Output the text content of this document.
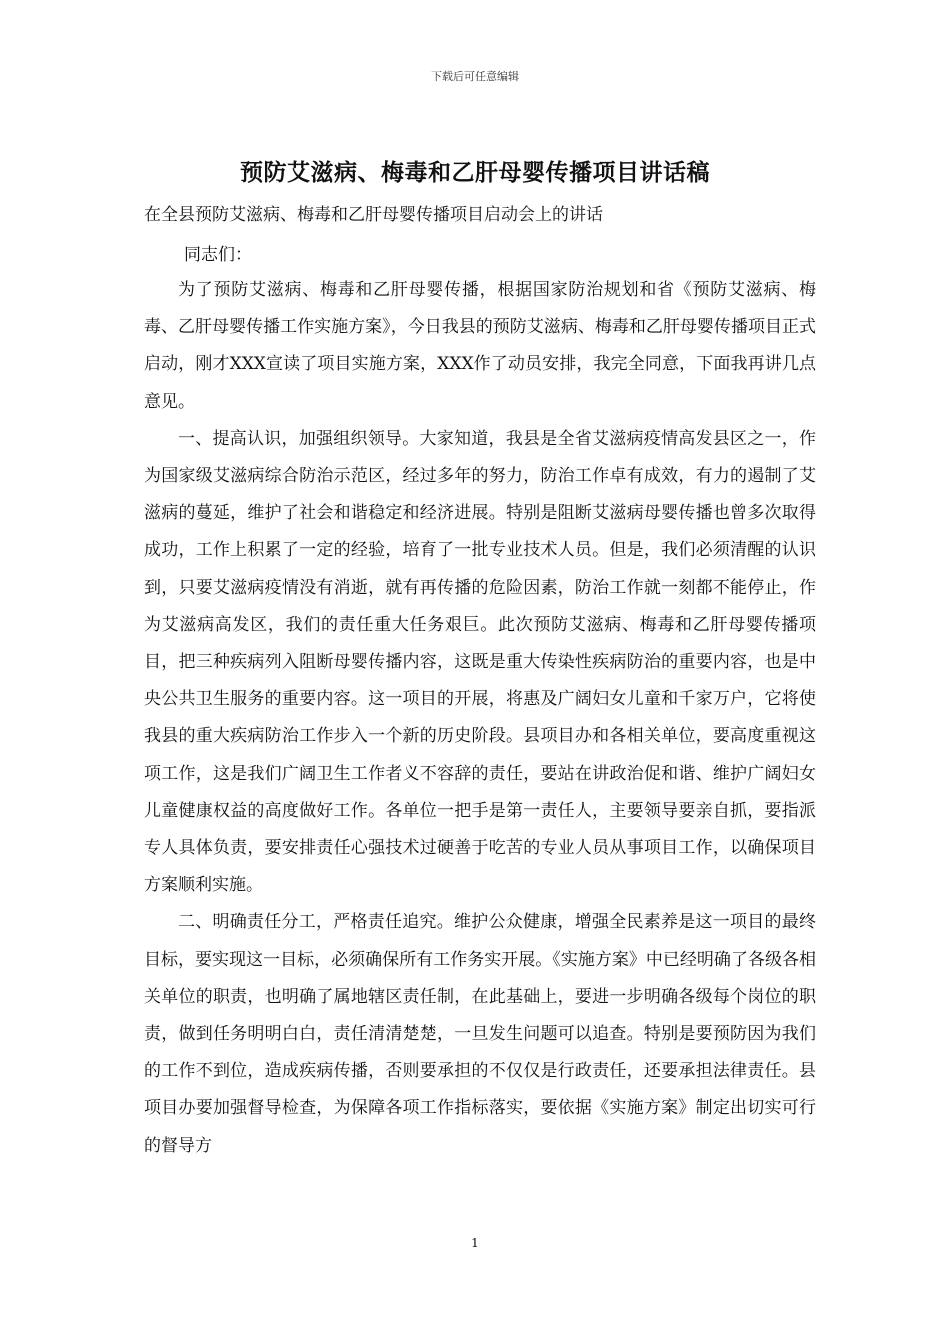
下载后可任意编辑
预防艾滋病、梅毒和乙肝母婴传播项目讲话稿

在全县预防艾滋病、梅毒和乙肝母婴传播项目启动会上的讲话

同志们：

为了预防艾滋病、梅毒和乙肝母婴传播，根据国家防治规划和省《预防艾滋病、梅毒、乙肝母婴传播工作实施方案》，今日我县的预防艾滋病、梅毒和乙肝母婴传播项目正式启动，刚才XXX宣读了项目实施方案，XXX作了动员安排，我完全同意，下面我再讲几点意见。

一、提高认识，加强组织领导。大家知道，我县是全省艾滋病疫情高发县区之一，作为国家级艾滋病综合防治示范区，经过多年的努力，防治工作卓有成效，有力的遏制了艾滋病的蔓延，维护了社会和谐稳定和经济进展。特别是阻断艾滋病母婴传播也曾多次取得成功，工作上积累了一定的经验，培育了一批专业技术人员。但是，我们必须清醒的认识到，只要艾滋病疫情没有消逝，就有再传播的危险因素，防治工作就一刻都不能停止，作为艾滋病高发区，我们的责任重大任务艰巨。此次预防艾滋病、梅毒和乙肝母婴传播项目，把三种疾病列入阻断母婴传播内容，这既是重大传染性疾病防治的重要内容，也是中央公共卫生服务的重要内容。这一项目的开展，将惠及广阔妇女儿童和千家万户，它将使我县的重大疾病防治工作步入一个新的历史阶段。县项目办和各相关单位，要高度重视这项工作，这是我们广阔卫生工作者义不容辞的责任，要站在讲政治促和谐、维护广阔妇女儿童健康权益的高度做好工作。各单位一把手是第一责任人，主要领导要亲自抓，要指派专人具体负责，要安排责任心强技术过硬善于吃苦的专业人员从事项目工作，以确保项目方案顺利实施。

二、明确责任分工，严格责任追究。维护公众健康，增强全民素养是这一项目的最终目标，要实现这一目标，必须确保所有工作务实开展。《实施方案》中已经明确了各级各相关单位的职责，也明确了属地辖区责任制，在此基础上，要进一步明确各级每个岗位的职责，做到任务明明白白，责任清清楚楚，一旦发生问题可以追查。特别是要预防因为我们的工作不到位，造成疾病传播，否则要承担的不仅仅是行政责任，还要承担法律责任。县项目办要加强督导检查，为保障各项工作指标落实，要依据《实施方案》制定出切实可行的督导方

1
